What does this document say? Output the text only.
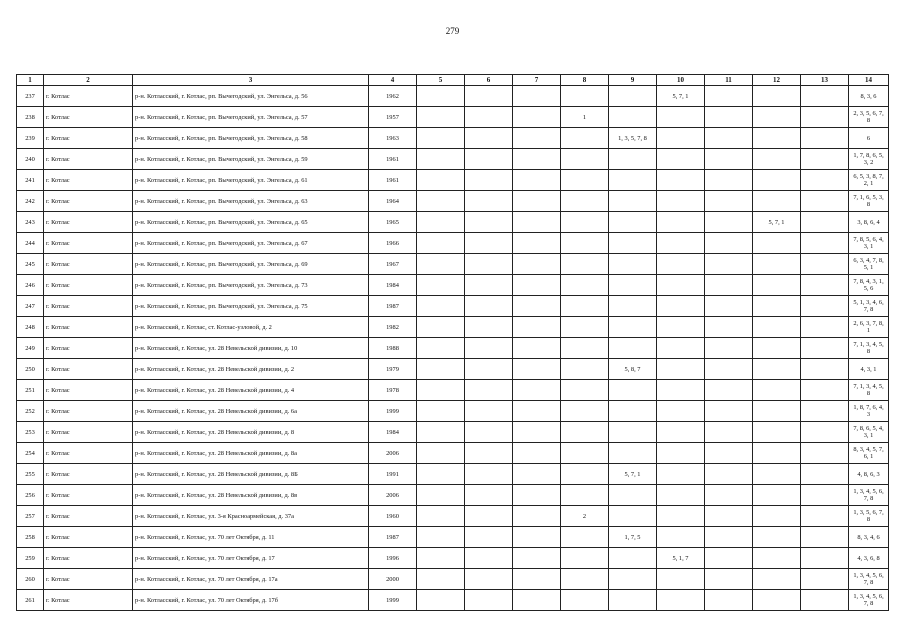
279
1	2	3	4	5	6	7	8	9	10	11	12	13	14
237	г. Котлас	р-н. Котласский, г. Котлас, рп. Вычегодский, ул. Энгельса, д. 56	1962						5, 7, 1				8, 3, 6
238	г. Котлас	р-н. Котласский, г. Котлас, рп. Вычегодский, ул. Энгельса, д. 57	1957				1						2, 3, 5, 6, 7, 8
239	г. Котлас	р-н. Котласский, г. Котлас, рп. Вычегодский, ул. Энгельса, д. 58	1963					1, 3, 5, 7, 8					6
240	г. Котлас	р-н. Котласский, г. Котлас, рп. Вычегодский, ул. Энгельса, д. 59	1961										1, 7, 8, 6, 5, 3, 2
241	г. Котлас	р-н. Котласский, г. Котлас, рп. Вычегодский, ул. Энгельса, д. 61	1961										6, 5, 3, 8, 7, 2, 1
242	г. Котлас	р-н. Котласский, г. Котлас, рп. Вычегодский, ул. Энгельса, д. 63	1964										7, 1, 6, 5, 3, 8
243	г. Котлас	р-н. Котласский, г. Котлас, рп. Вычегодский, ул. Энгельса, д. 65	1965								5, 7, 1		3, 8, 6, 4
244	г. Котлас	р-н. Котласский, г. Котлас, рп. Вычегодский, ул. Энгельса, д. 67	1966										7, 8, 5, 6, 4, 3, 1
245	г. Котлас	р-н. Котласский, г. Котлас, рп. Вычегодский, ул. Энгельса, д. 69	1967										6, 3, 4, 7, 8, 5, 1
246	г. Котлас	р-н. Котласский, г. Котлас, рп. Вычегодский, ул. Энгельса, д. 73	1984										7, 8, 4, 3, 1, 5, 6
247	г. Котлас	р-н. Котласский, г. Котлас, рп. Вычегодский, ул. Энгельса, д. 75	1987										5, 1, 3, 4, 6, 7, 8
248	г. Котлас	р-н. Котласский, г. Котлас, ст. Котлас-узловой, д. 2	1982										2, 6, 3, 7, 8, 1
249	г. Котлас	р-н. Котласский, г. Котлас, ул. 28 Невельской дивизии, д. 10	1988										7, 1, 3, 4, 5, 8
250	г. Котлас	р-н. Котласский, г. Котлас, ул. 28 Невельской дивизии, д. 2	1979					5, 8, 7					4, 3, 1
251	г. Котлас	р-н. Котласский, г. Котлас, ул. 28 Невельской дивизии, д. 4	1978										7, 1, 3, 4, 5, 8
252	г. Котлас	р-н. Котласский, г. Котлас, ул. 28 Невельской дивизии, д. 6а	1999										1, 8, 7, 6, 4, 3
253	г. Котлас	р-н. Котласский, г. Котлас, ул. 28 Невельской дивизии, д. 8	1984										7, 8, 6, 5, 4, 3, 1
254	г. Котлас	р-н. Котласский, г. Котлас, ул. 28 Невельской дивизии, д. 8а	2006										8, 3, 4, 5, 7, 6, 1
255	г. Котлас	р-н. Котласский, г. Котлас, ул. 28 Невельской дивизии, д. 8Б	1991					5, 7, 1					4, 8, 6, 3
256	г. Котлас	р-н. Котласский, г. Котлас, ул. 28 Невельской дивизии, д. 8в	2006										1, 3, 4, 5, 6, 7, 8
257	г. Котлас	р-н. Котласский, г. Котлас, ул. 3-я Красноармейская, д. 37а	1960				2						1, 3, 5, 6, 7, 8
258	г. Котлас	р-н. Котласский, г. Котлас, ул. 70 лет Октября, д. 11	1987					1, 7, 5					8, 3, 4, 6
259	г. Котлас	р-н. Котласский, г. Котлас, ул. 70 лет Октября, д. 17	1996						5, 1, 7				4, 3, 6, 8
260	г. Котлас	р-н. Котласский, г. Котлас, ул. 70 лет Октября, д. 17а	2000										1, 3, 4, 5, 6, 7, 8
261	г. Котлас	р-н. Котласский, г. Котлас, ул. 70 лет Октября, д. 17б	1999										1, 3, 4, 5, 6, 7, 8
